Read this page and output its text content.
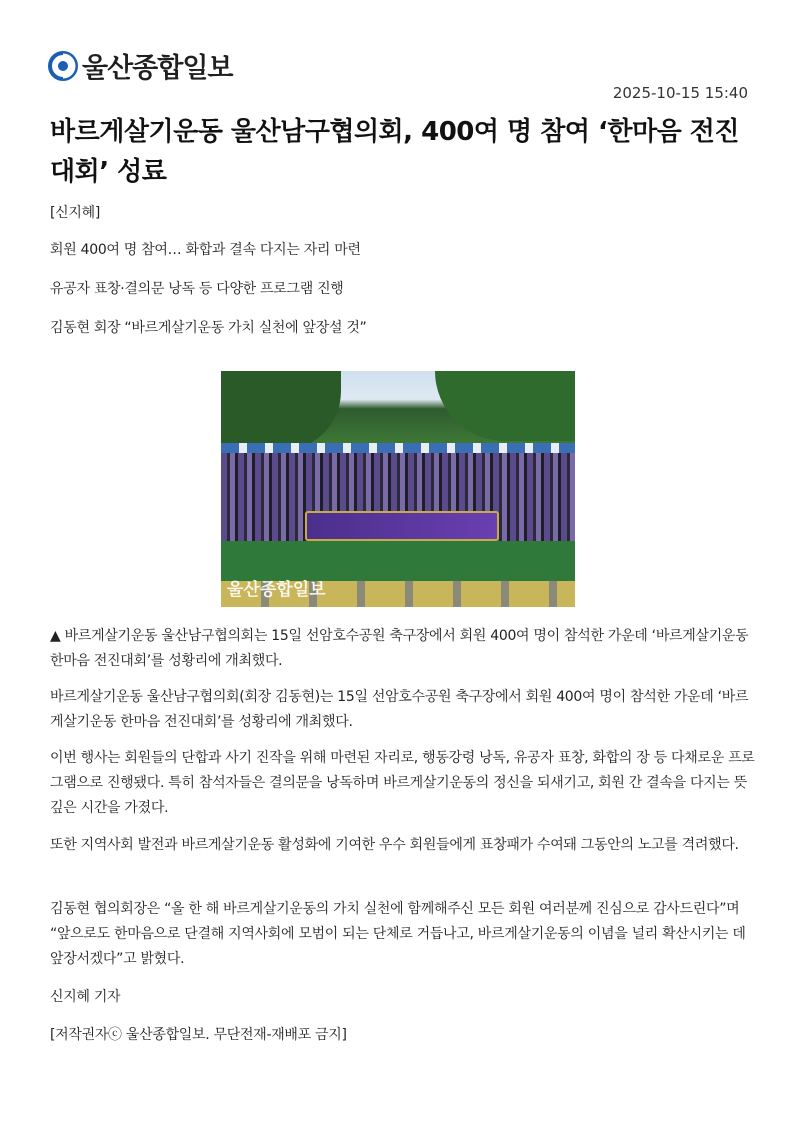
울산종합일보
2025-10-15 15:40
바르게살기운동 울산남구협의회, 400여 명 참여 ‘한마음 전진대회’ 성료

[신지혜]

회원 400여 명 참여… 화합과 결속 다지는 자리 마련

유공자 표창·결의문 낭독 등 다양한 프로그램 진행

김동현 회장 “바르게살기운동 가치 실천에 앞장설 것”

울산종합일보

▲ 바르게살기운동 울산남구협의회는 15일 선암호수공원 축구장에서 회원 400여 명이 참석한 가운데 ‘바르게살기운동 한마음 전진대회’를 성황리에 개최했다.

바르게살기운동 울산남구협의회(회장 김동현)는 15일 선암호수공원 축구장에서 회원 400여 명이 참석한 가운데 ‘바르게살기운동 한마음 전진대회’를 성황리에 개최했다.

이번 행사는 회원들의 단합과 사기 진작을 위해 마련된 자리로, 행동강령 낭독, 유공자 표창, 화합의 장 등 다채로운 프로그램으로 진행됐다. 특히 참석자들은 결의문을 낭독하며 바르게살기운동의 정신을 되새기고, 회원 간 결속을 다지는 뜻깊은 시간을 가졌다.

또한 지역사회 발전과 바르게살기운동 활성화에 기여한 우수 회원들에게 표창패가 수여돼 그동안의 노고를 격려했다.

김동현 협의회장은 “올 한 해 바르게살기운동의 가치 실천에 함께해주신 모든 회원 여러분께 진심으로 감사드린다”며 “앞으로도 한마음으로 단결해 지역사회에 모범이 되는 단체로 거듭나고, 바르게살기운동의 이념을 널리 확산시키는 데 앞장서겠다”고 밝혔다.

신지혜 기자

[저작권자ⓒ 울산종합일보. 무단전재-재배포 금지]
